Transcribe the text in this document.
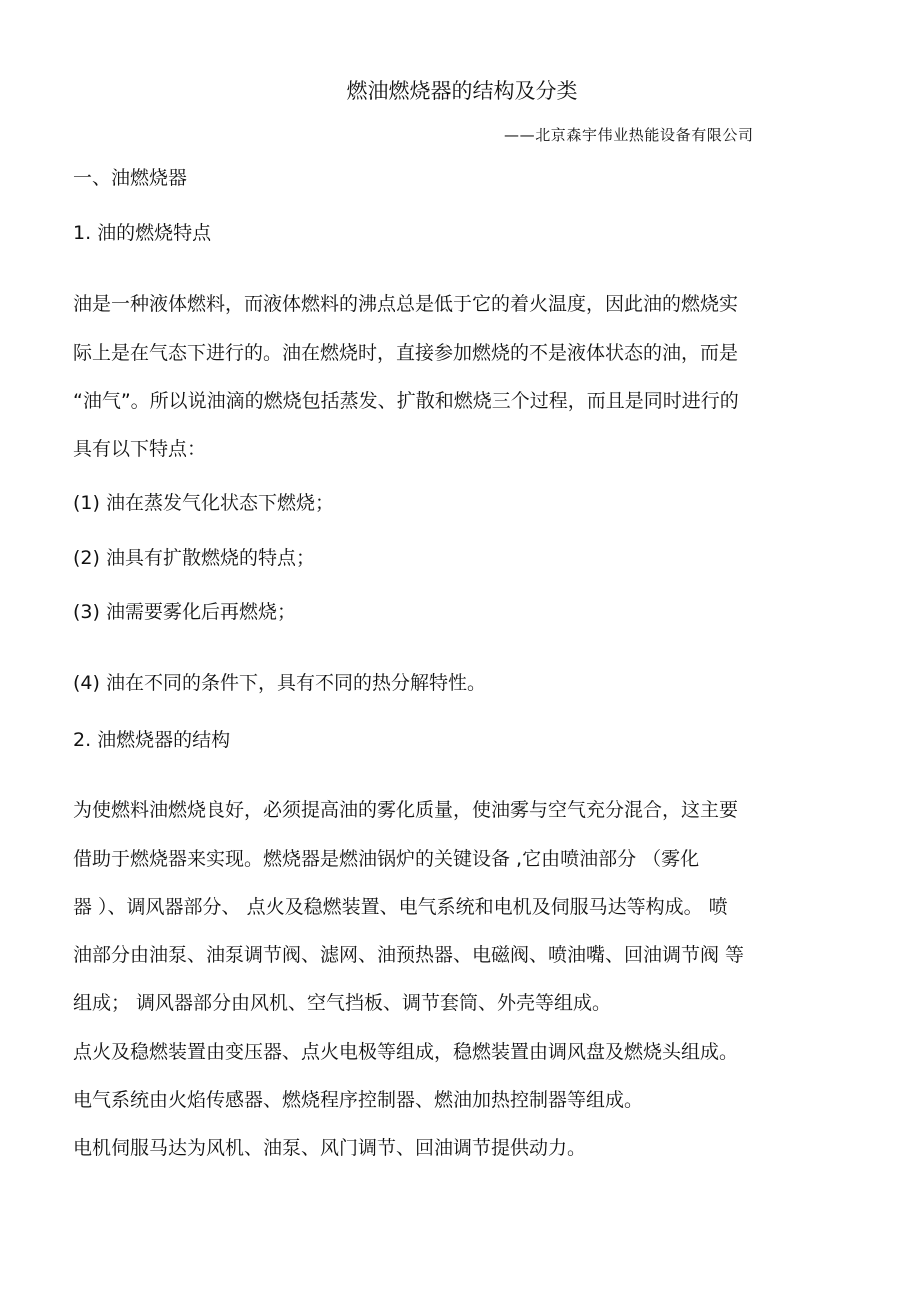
燃油燃烧器的结构及分类
——北京森宇伟业热能设备有限公司
一、油燃烧器
1. 油的燃烧特点
油是一种液体燃料，而液体燃料的沸点总是低于它的着火温度，因此油的燃烧实
际上是在气态下进行的。油在燃烧时，直接参加燃烧的不是液体状态的油，而是
“油气”。所以说油滴的燃烧包括蒸发、扩散和燃烧三个过程，而且是同时进行的
具有以下特点：
(1) 油在蒸发气化状态下燃烧；
(2) 油具有扩散燃烧的特点；
(3) 油需要雾化后再燃烧；
(4) 油在不同的条件下，具有不同的热分解特性。
2. 油燃烧器的结构
为使燃料油燃烧良好，必须提高油的雾化质量，使油雾与空气充分混合，这主要
借助于燃烧器来实现。燃烧器是燃油锅炉的关键设备 ,它由喷油部分 （雾化
器 ）、调风器部分、 点火及稳燃装置、电气系统和电机及伺服马达等构成。 喷
油部分由油泵、油泵调节阀、滤网、油预热器、电磁阀、喷油嘴、回油调节阀 等
组成； 调风器部分由风机、空气挡板、调节套筒、外壳等组成。
点火及稳燃装置由变压器、点火电极等组成，稳燃装置由调风盘及燃烧头组成。
电气系统由火焰传感器、燃烧程序控制器、燃油加热控制器等组成。
电机伺服马达为风机、油泵、风门调节、回油调节提供动力。
